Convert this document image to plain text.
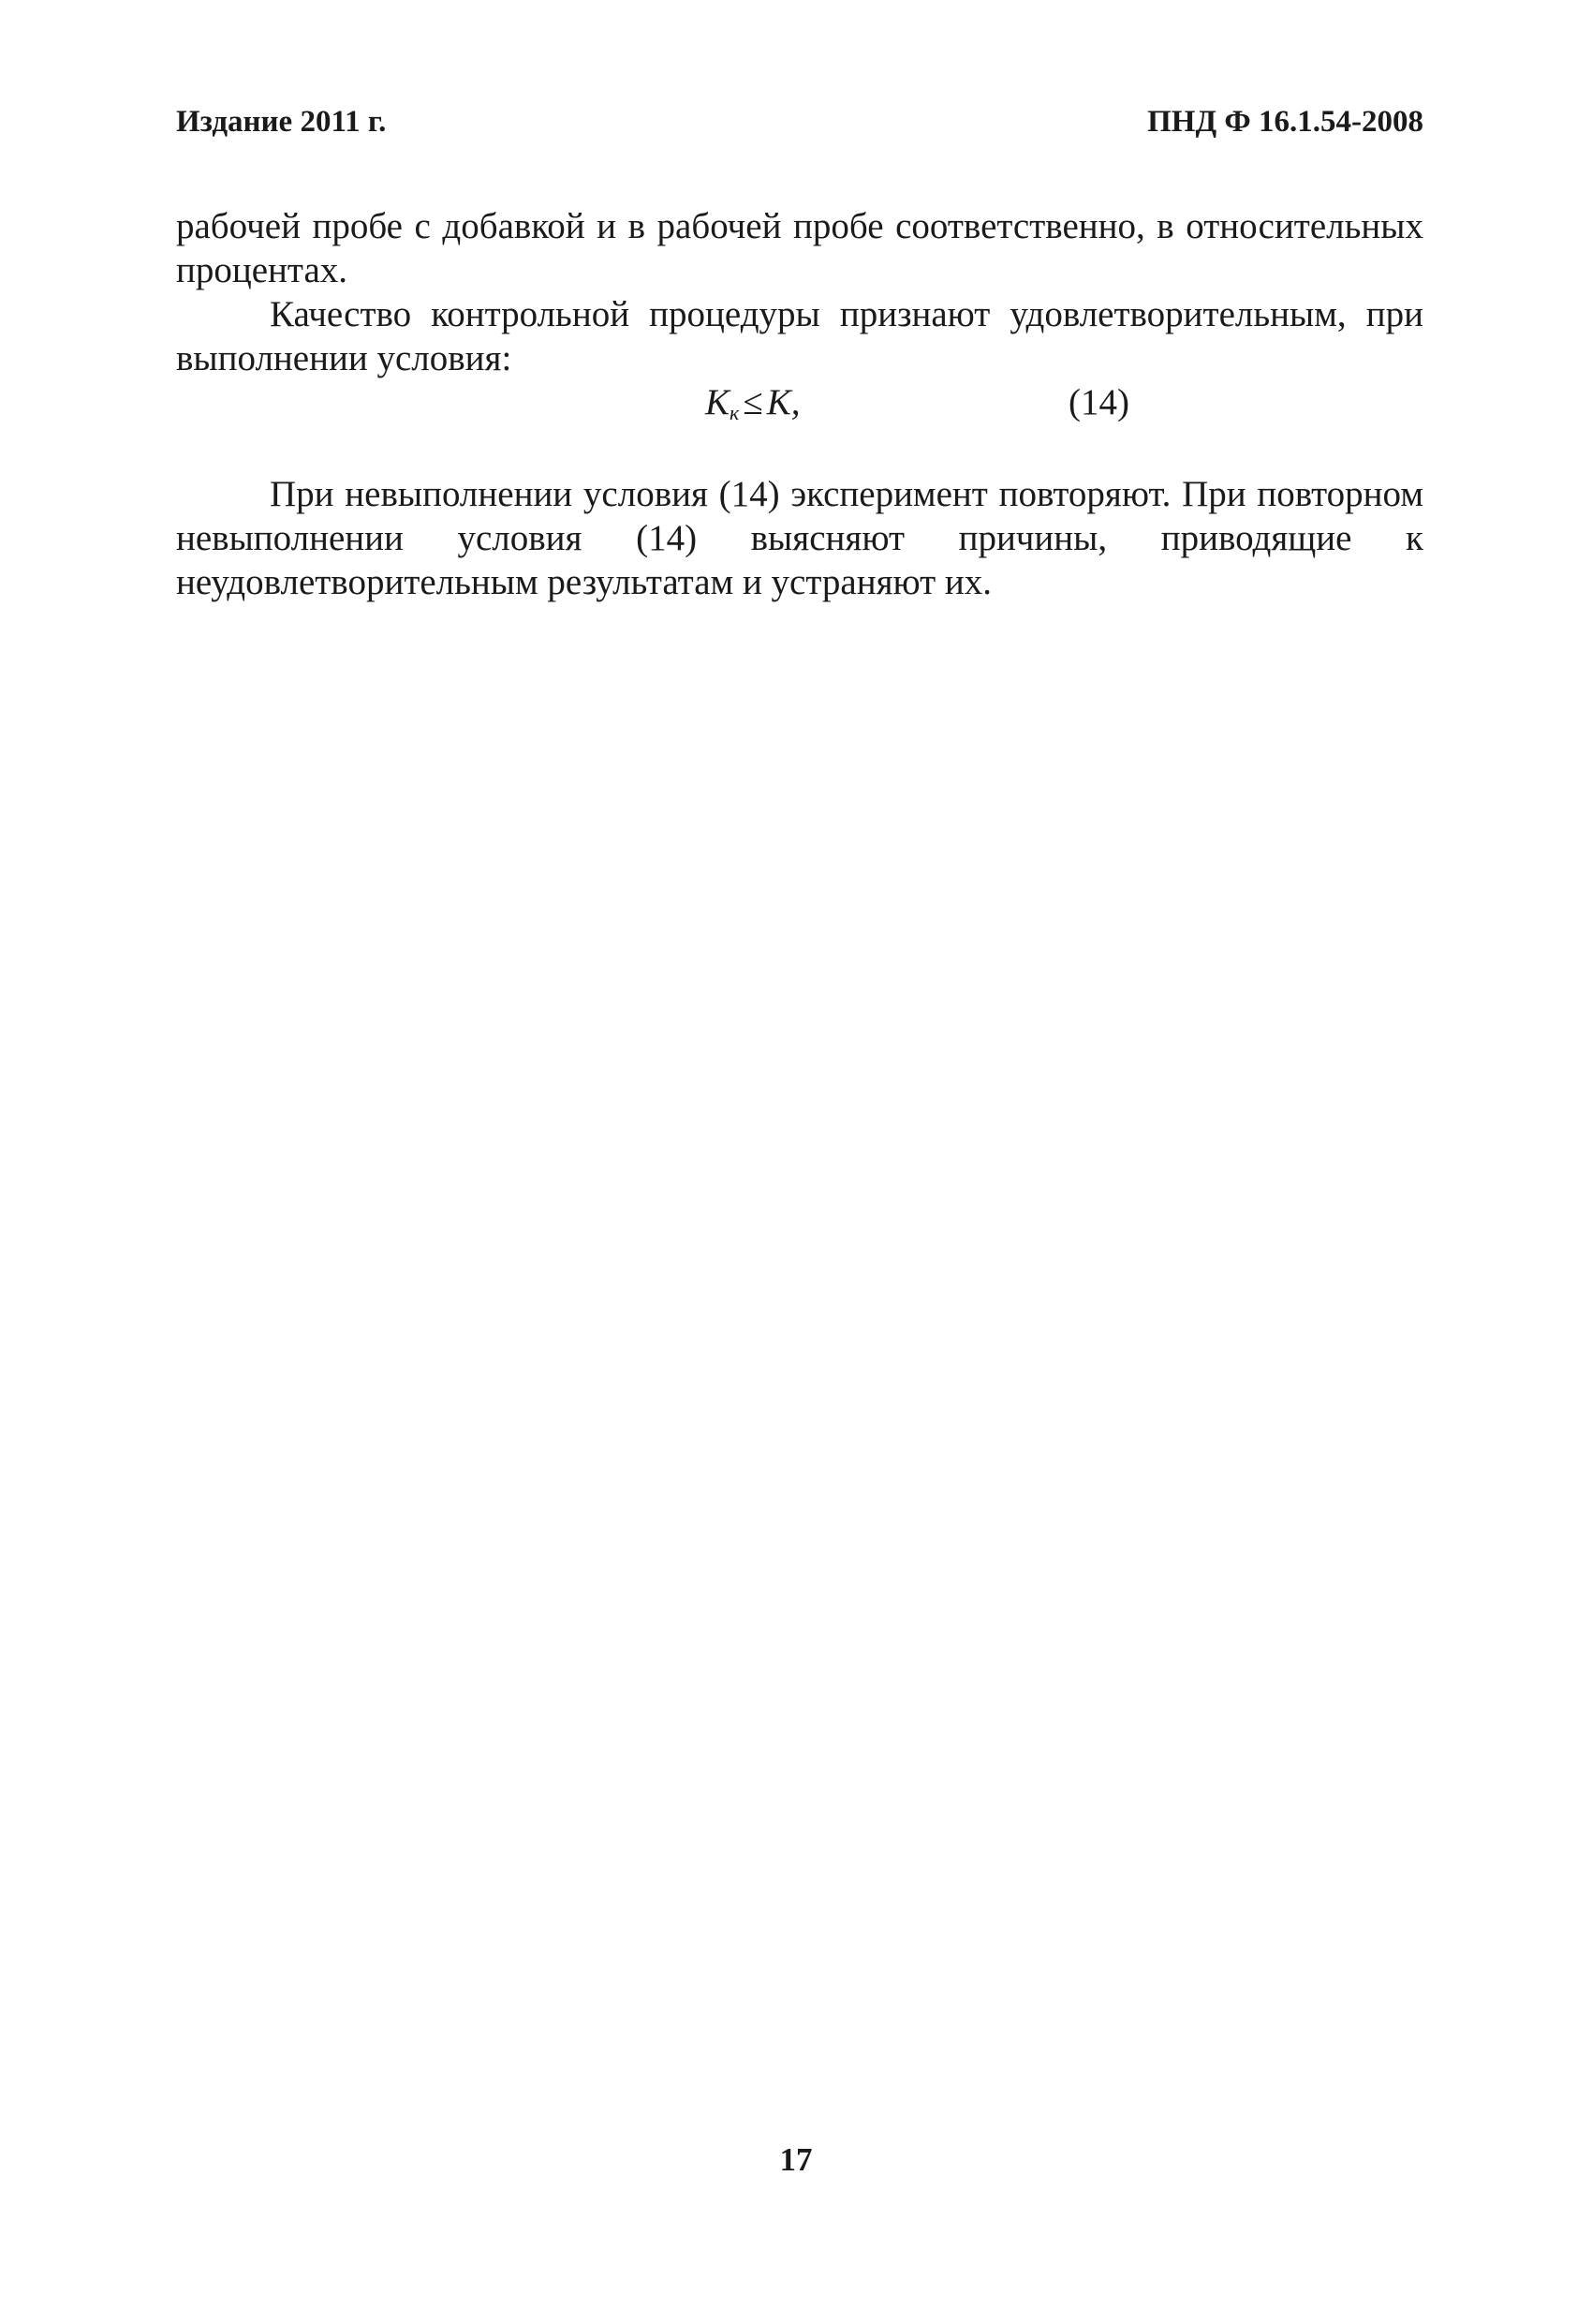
Издание 2011 г.	ПНД Ф 16.1.54-2008
рабочей пробе с добавкой и в рабочей пробе соответственно, в относительных процентах.
Качество контрольной процедуры признают удовлетворительным, при выполнении условия:
$K_к \le K$,	(14)
При невыполнении условия (14) эксперимент повторяют. При повторном невыполнении условия (14) выясняют причины, приводящие к неудовлетворительным результатам и устраняют их.
17
